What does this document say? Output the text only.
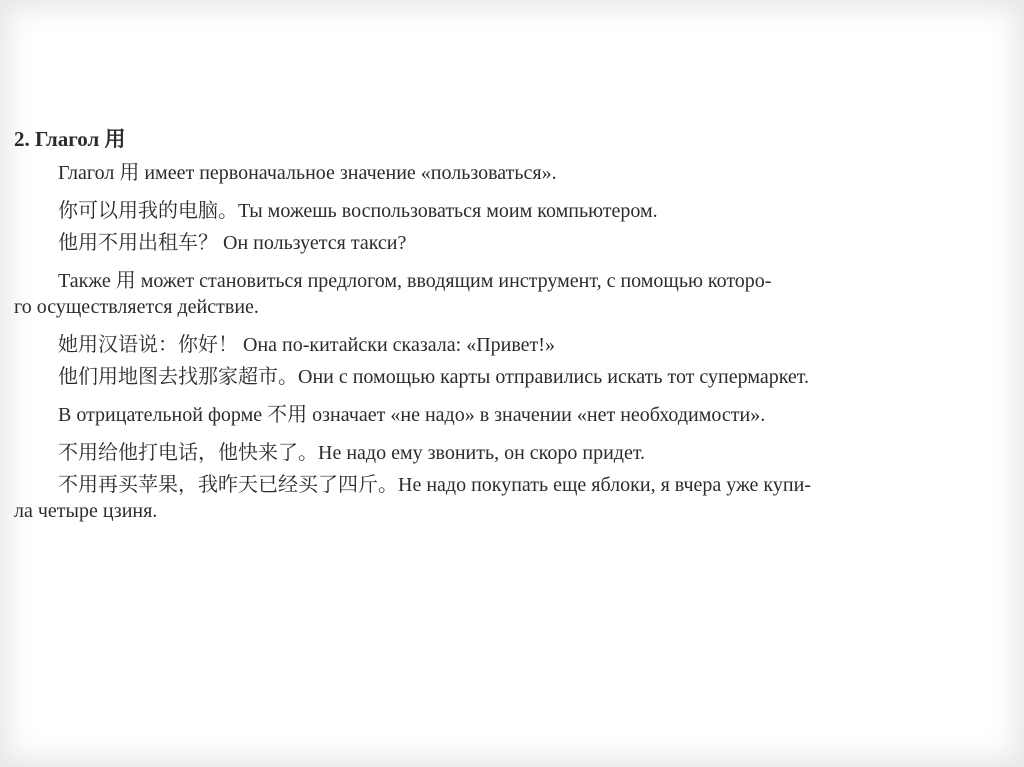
2. Глагол 用
Глагол 用 имеет первоначальное значение «пользоваться».
你可以用我的电脑。Ты можешь воспользоваться моим компьютером.
他用不用出租车？ Он пользуется такси?
Также 用 может становиться предлогом, вводящим инструмент, с помощью которо-
го осуществляется действие.
她用汉语说：你好！ Она по-китайски сказала: «Привет!»
他们用地图去找那家超市。Они с помощью карты отправились искать тот супермаркет.
В отрицательной форме 不用 означает «не надо» в значении «нет необходимости».
不用给他打电话，他快来了。Не надо ему звонить, он скоро придет.
不用再买苹果，我昨天已经买了四斤。Не надо покупать еще яблоки, я вчера уже купи-
ла четыре цзиня.
